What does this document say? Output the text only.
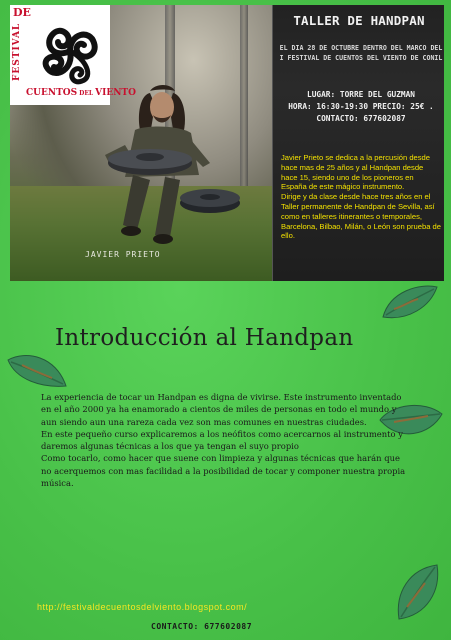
JAVIER PRIETO
DE
FESTIVAL
CUENTOS DEL VIENTO
TALLER DE HANDPAN
EL DIA 28 DE OCTUBRE DENTRO DEL MARCO DEL
I FESTIVAL DE CUENTOS DEL VIENTO DE CONIL
LUGAR: TORRE DEL GUZMAN
HORA: 16:30-19:30 PRECIO: 25€ .
CONTACTO: 677602087

Javier Prieto se dedica a la percusión desde hace mas de 25 años y al Handpan desde hace 15, siendo uno de los pioneros en España de este mágico instrumento.

Dirige y da clase desde hace tres años en el Taller permanente de Handpan de Sevilla, así como en talleres itinerantes o temporales, Barcelona, Bilbao, Milán, o León son prueba de ello.

Introducción al Handpan

La experiencia de tocar un Handpan es digna de vivirse. Este instrumento inventado en el año 2000 ya ha enamorado a cientos de miles de personas en todo el mundo y aun siendo aun una rareza cada vez son mas comunes en nuestras ciudades.

En este pequeño curso explicaremos a los neófitos como acercarnos al instrumento y daremos algunas técnicas a los que ya tengan el suyo propio

Como tocarlo, como hacer que suene con limpieza y algunas técnicas que harán que no acerquemos con mas facilidad a la posibilidad de tocar y componer nuestra propia música.

http://festivaldecuentosdelviento.blogspot.com/
CONTACTO: 677602087
